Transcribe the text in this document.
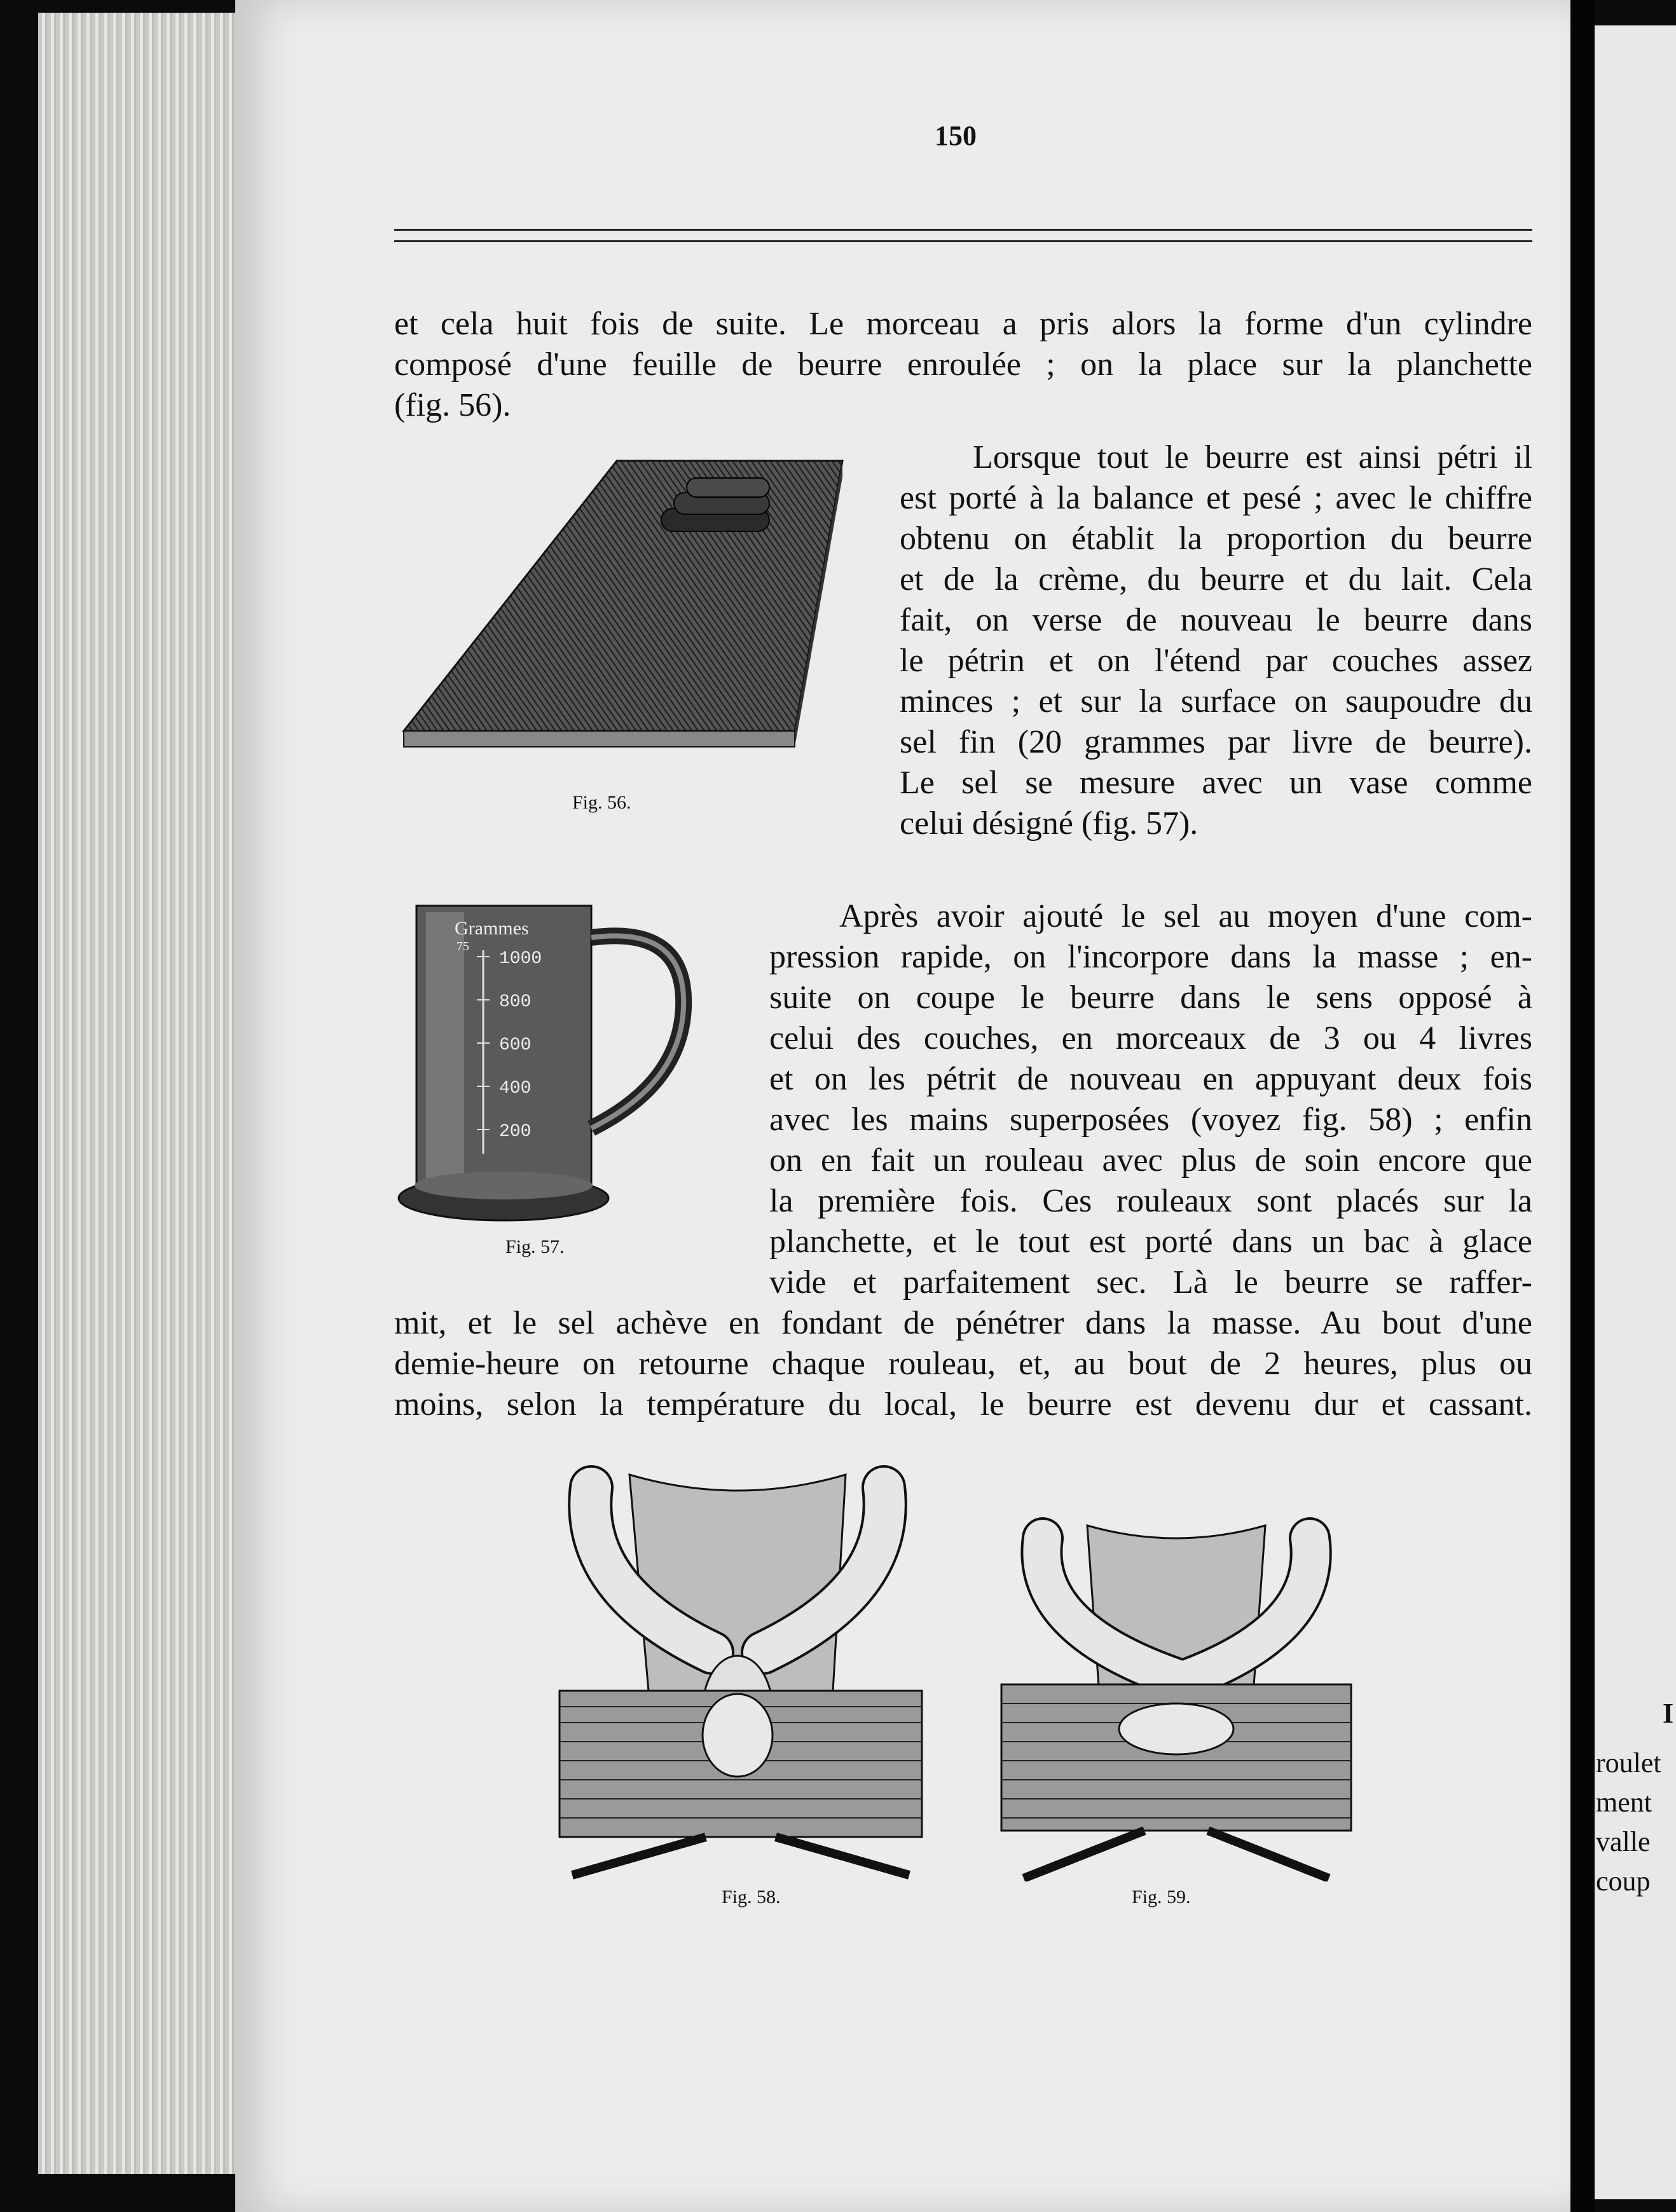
150
et cela huit fois de suite. Le morceau a pris alors la forme d'un cylindre
composé d'une feuille de beurre enroulée ; on la place sur la planchette
(fig. 56).
Fig. 56.
Lorsque tout le beurre est ainsi pétri il
est porté à la balance et pesé ; avec le chiffre
obtenu on établit la proportion du beurre
et de la crème, du beurre et du lait. Cela
fait, on verse de nouveau le beurre dans
le pétrin et on l'étend par couches assez
minces ; et sur la surface on saupoudre du
sel fin (20 grammes par livre de beurre).
Le sel se mesure avec un vase comme
celui désigné (fig. 57).
Grammes
75
1000
800
600
400
200
Fig. 57.
Après avoir ajouté le sel au moyen d'une com-
pression rapide, on l'incorpore dans la masse ; en-
suite on coupe le beurre dans le sens opposé à
celui des couches, en morceaux de 3 ou 4 livres
et on les pétrit de nouveau en appuyant deux fois
avec les mains superposées (voyez fig. 58) ; enfin
on en fait un rouleau avec plus de soin encore que
la première fois. Ces rouleaux sont placés sur la
planchette, et le tout est porté dans un bac à glace
vide et parfaitement sec. Là le beurre se raffer-
mit, et le sel achève en fondant de pénétrer dans la masse. Au bout d'une
demie-heure on retourne chaque rouleau, et, au bout de 2 heures, plus ou
moins, selon la température du local, le beurre est devenu dur et cassant.
Fig. 58.	Fig. 59.
I
roulet
ment
valle
coup
